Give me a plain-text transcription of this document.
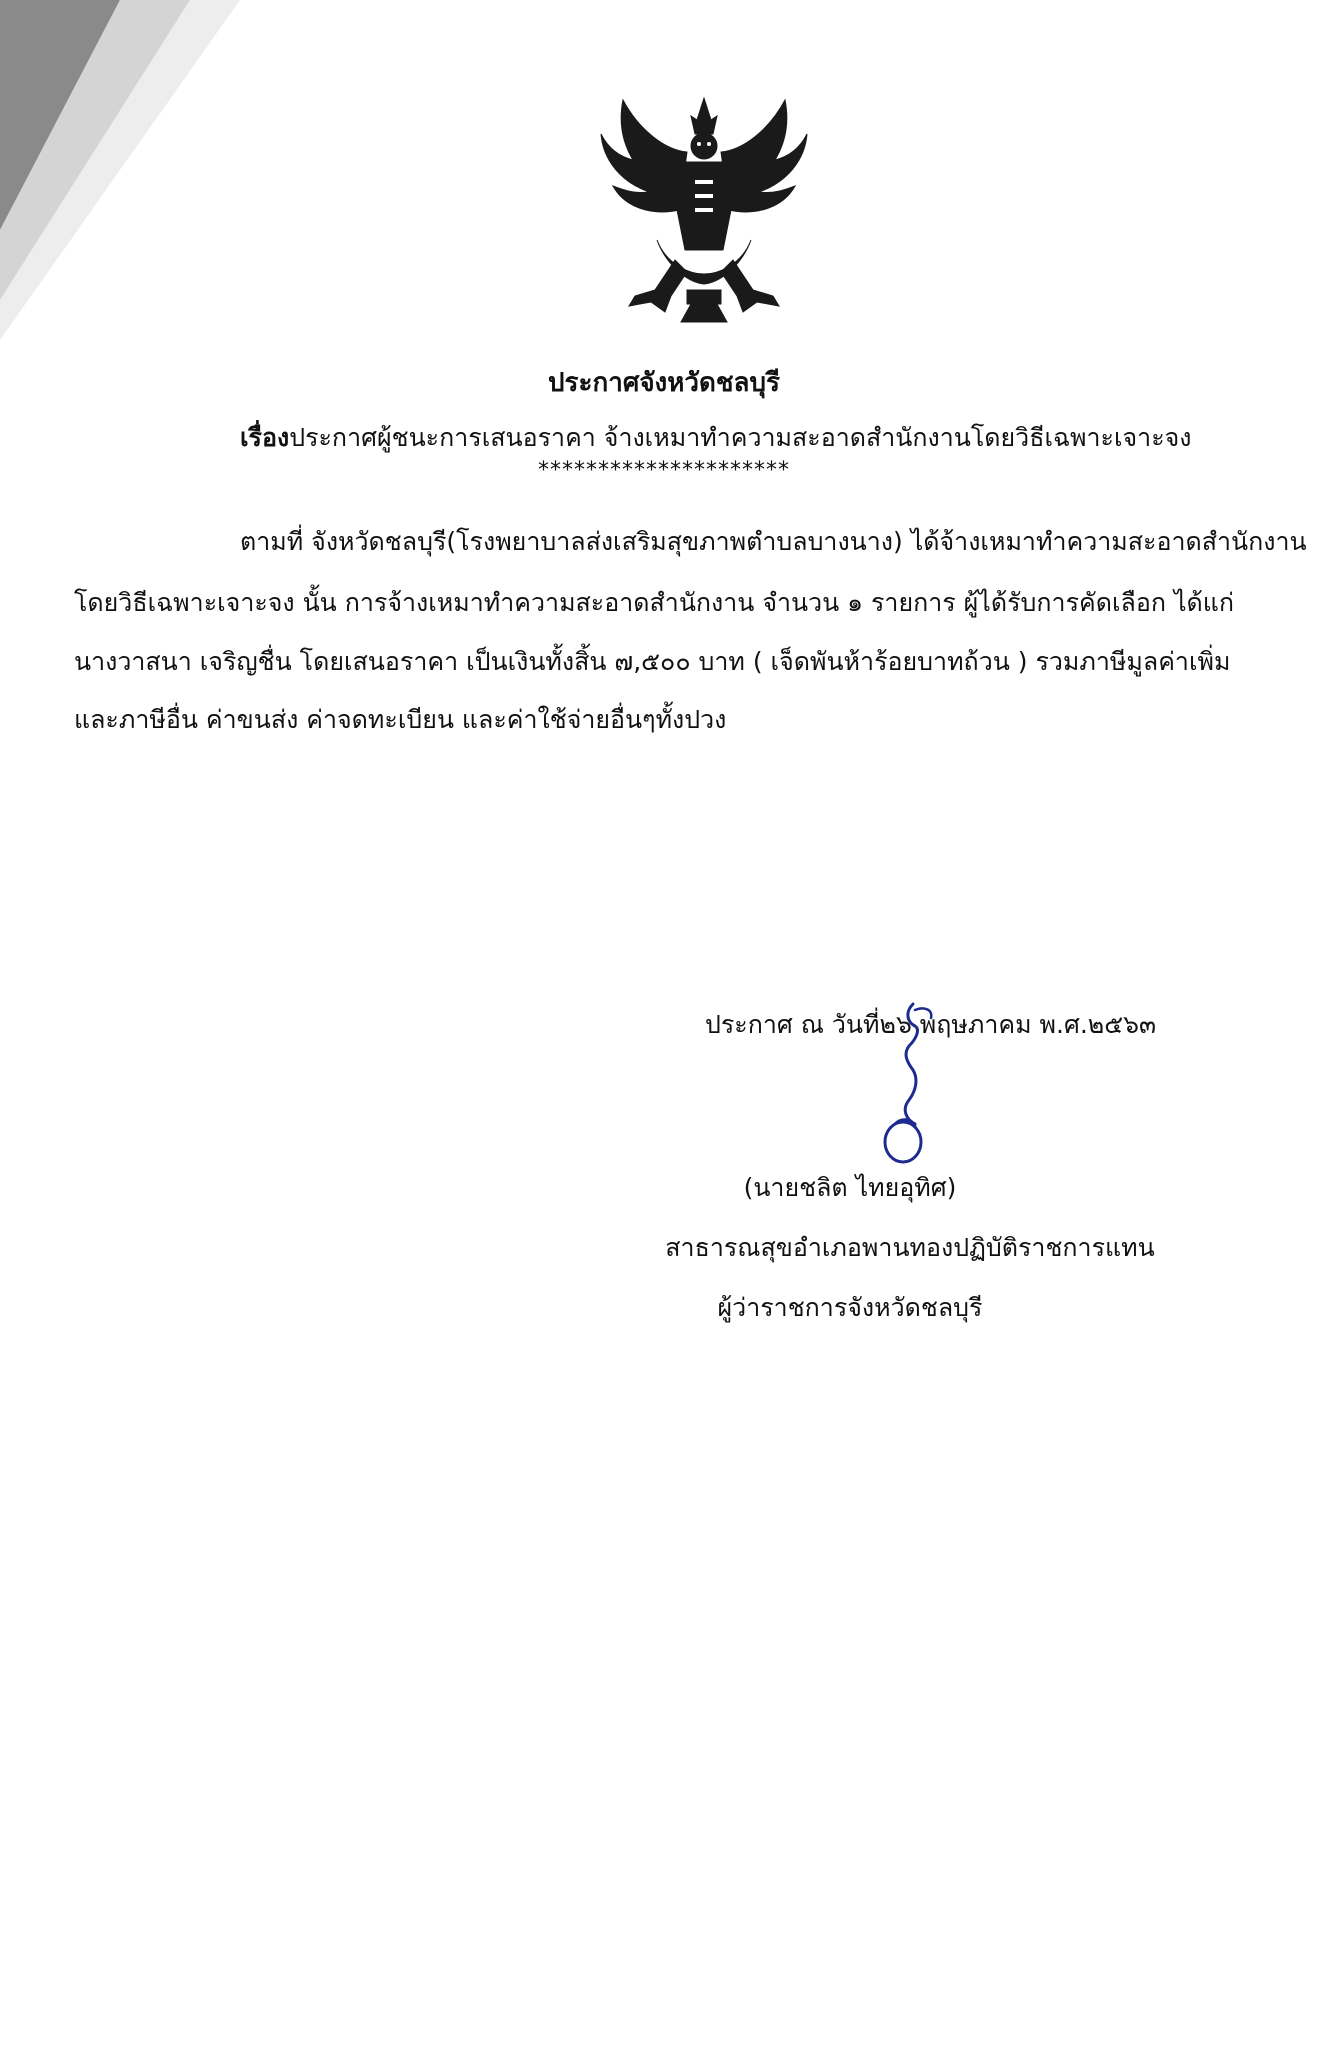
ประกาศจังหวัดชลบุรี
เรื่องประกาศผู้ชนะการเสนอราคา จ้างเหมาทำความสะอาดสำนักงานโดยวิธีเฉพาะเจาะจง
*********************
ตามที่ จังหวัดชลบุรี(โรงพยาบาลส่งเสริมสุขภาพตำบลบางนาง) ได้จ้างเหมาทำความสะอาดสำนักงาน
โดยวิธีเฉพาะเจาะจง นั้น การจ้างเหมาทำความสะอาดสำนักงาน จำนวน ๑ รายการ ผู้ได้รับการคัดเลือก ได้แก่
นางวาสนา เจริญชื่น โดยเสนอราคา เป็นเงินทั้งสิ้น ๗,๕๐๐ บาท ( เจ็ดพันห้าร้อยบาทถ้วน ) รวมภาษีมูลค่าเพิ่ม
และภาษีอื่น ค่าขนส่ง ค่าจดทะเบียน และค่าใช้จ่ายอื่นๆทั้งปวง
ประกาศ ณ วันที่๒๖ พฤษภาคม พ.ศ.๒๕๖๓
(นายชลิต ไทยอุทิศ)
สาธารณสุขอำเภอพานทองปฏิบัติราชการแทน
ผู้ว่าราชการจังหวัดชลบุรี
